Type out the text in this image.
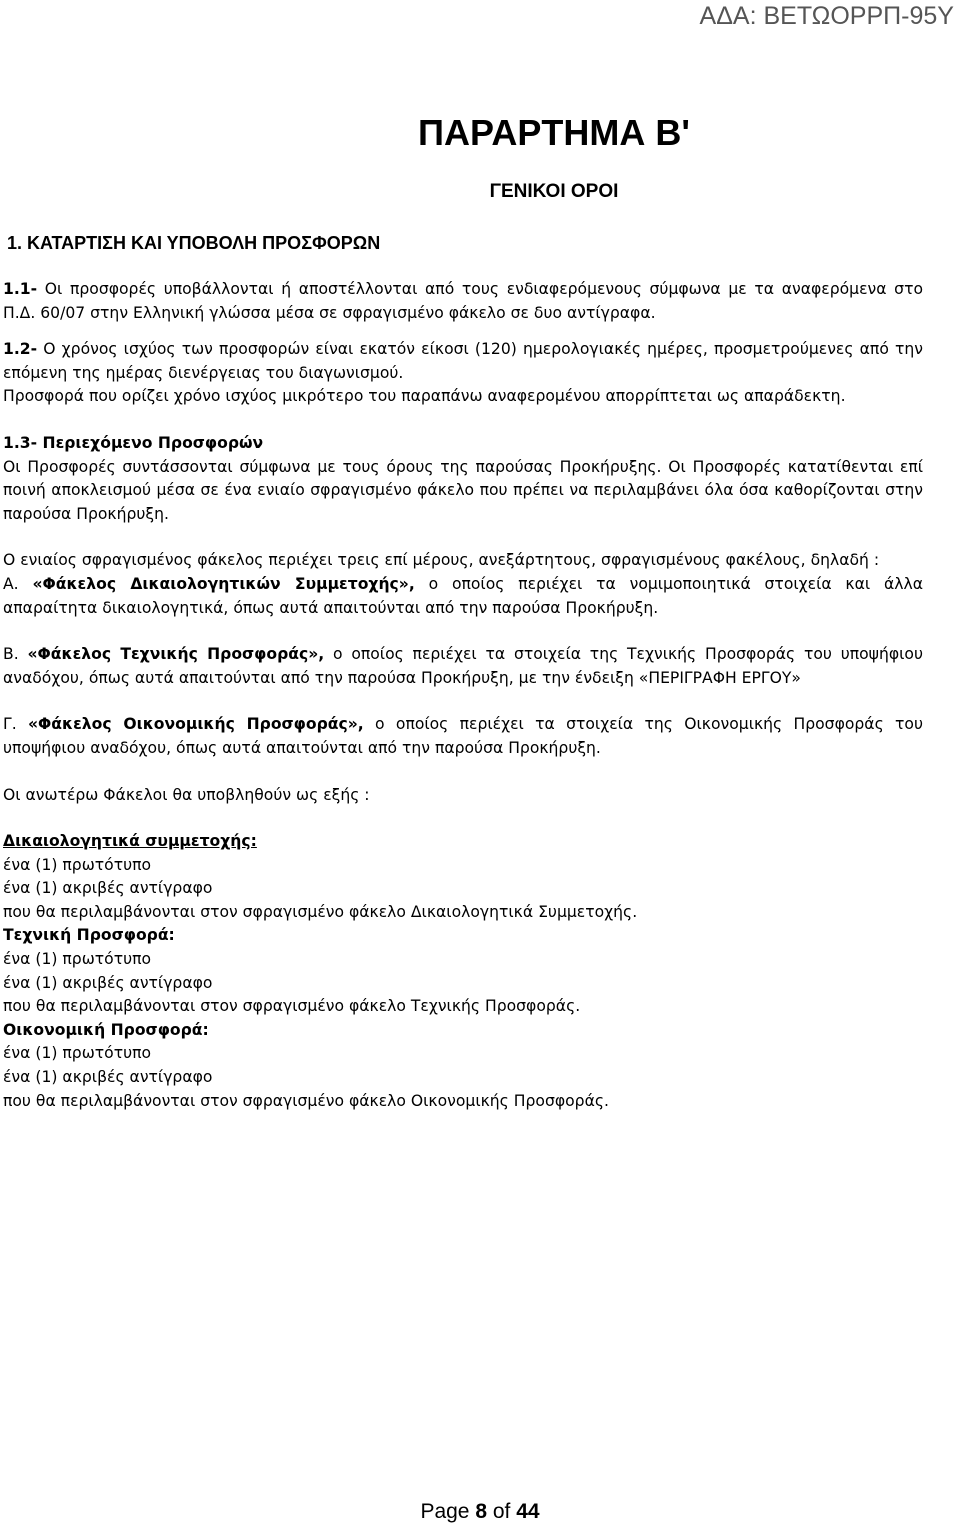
ΑΔΑ: ΒΕΤΩΟΡΡΠ-95Υ
ΠΑΡΑΡΤΗΜΑ Β'
ΓΕΝΙΚΟΙ ΟΡΟΙ
1. ΚΑΤΑΡΤΙΣΗ ΚΑΙ ΥΠΟΒΟΛΗ ΠΡΟΣΦΟΡΩΝ

1.1- Οι προσφορές υποβάλλονται ή αποστέλλονται από τους ενδιαφερόμενους σύμφωνα με τα αναφερόμενα στο Π.Δ. 60/07 στην Ελληνική γλώσσα μέσα σε σφραγισμένο φάκελο σε δυο αντίγραφα.

1.2- Ο χρόνος ισχύος των προσφορών είναι εκατόν είκοσι (120) ημερολογιακές ημέρες, προσμετρούμενες από την επόμενη της ημέρας διενέργειας του διαγωνισμού.

Προσφορά που ορίζει χρόνο ισχύος μικρότερο του παραπάνω αναφερομένου απορρίπτεται ως απαράδεκτη.

1.3- Περιεχόμενο Προσφορών

Οι Προσφορές συντάσσονται σύμφωνα με τους όρους της παρούσας Προκήρυξης. Οι Προσφορές κατατίθενται επί ποινή αποκλεισμού μέσα σε ένα ενιαίο σφραγισμένο φάκελο που πρέπει να περιλαμβάνει όλα όσα καθορίζονται στην παρούσα Προκήρυξη.

Ο ενιαίος σφραγισμένος φάκελος περιέχει τρεις επί μέρους, ανεξάρτητους, σφραγισμένους φακέλους, δηλαδή :

Α. «Φάκελος Δικαιολογητικών Συμμετοχής», ο οποίος περιέχει τα νομιμοποιητικά στοιχεία και άλλα απαραίτητα δικαιολογητικά, όπως αυτά απαιτούνται από την παρούσα Προκήρυξη.

Β. «Φάκελος Τεχνικής Προσφοράς», ο οποίος περιέχει τα στοιχεία της Τεχνικής Προσφοράς του υποψήφιου αναδόχου, όπως αυτά απαιτούνται από την παρούσα Προκήρυξη, με την ένδειξη «ΠΕΡΙΓΡΑΦΗ ΕΡΓΟΥ»

Γ. «Φάκελος Οικονομικής Προσφοράς», ο οποίος περιέχει τα στοιχεία της Οικονομικής Προσφοράς του υποψήφιου αναδόχου, όπως αυτά απαιτούνται από την παρούσα Προκήρυξη.

Οι ανωτέρω Φάκελοι θα υποβληθούν ως εξής :

Δικαιολογητικά συμμετοχής:

ένα (1) πρωτότυπο

ένα (1) ακριβές αντίγραφο

που θα περιλαμβάνονται στον σφραγισμένο φάκελο Δικαιολογητικά Συμμετοχής.

Τεχνική Προσφορά:

ένα (1) πρωτότυπο

ένα (1) ακριβές αντίγραφο

που θα περιλαμβάνονται στον σφραγισμένο φάκελο Τεχνικής Προσφοράς.

Οικονομική Προσφορά:

ένα (1) πρωτότυπο

ένα (1) ακριβές αντίγραφο

που θα περιλαμβάνονται στον σφραγισμένο φάκελο Οικονομικής Προσφοράς.

Page 8 of 44
